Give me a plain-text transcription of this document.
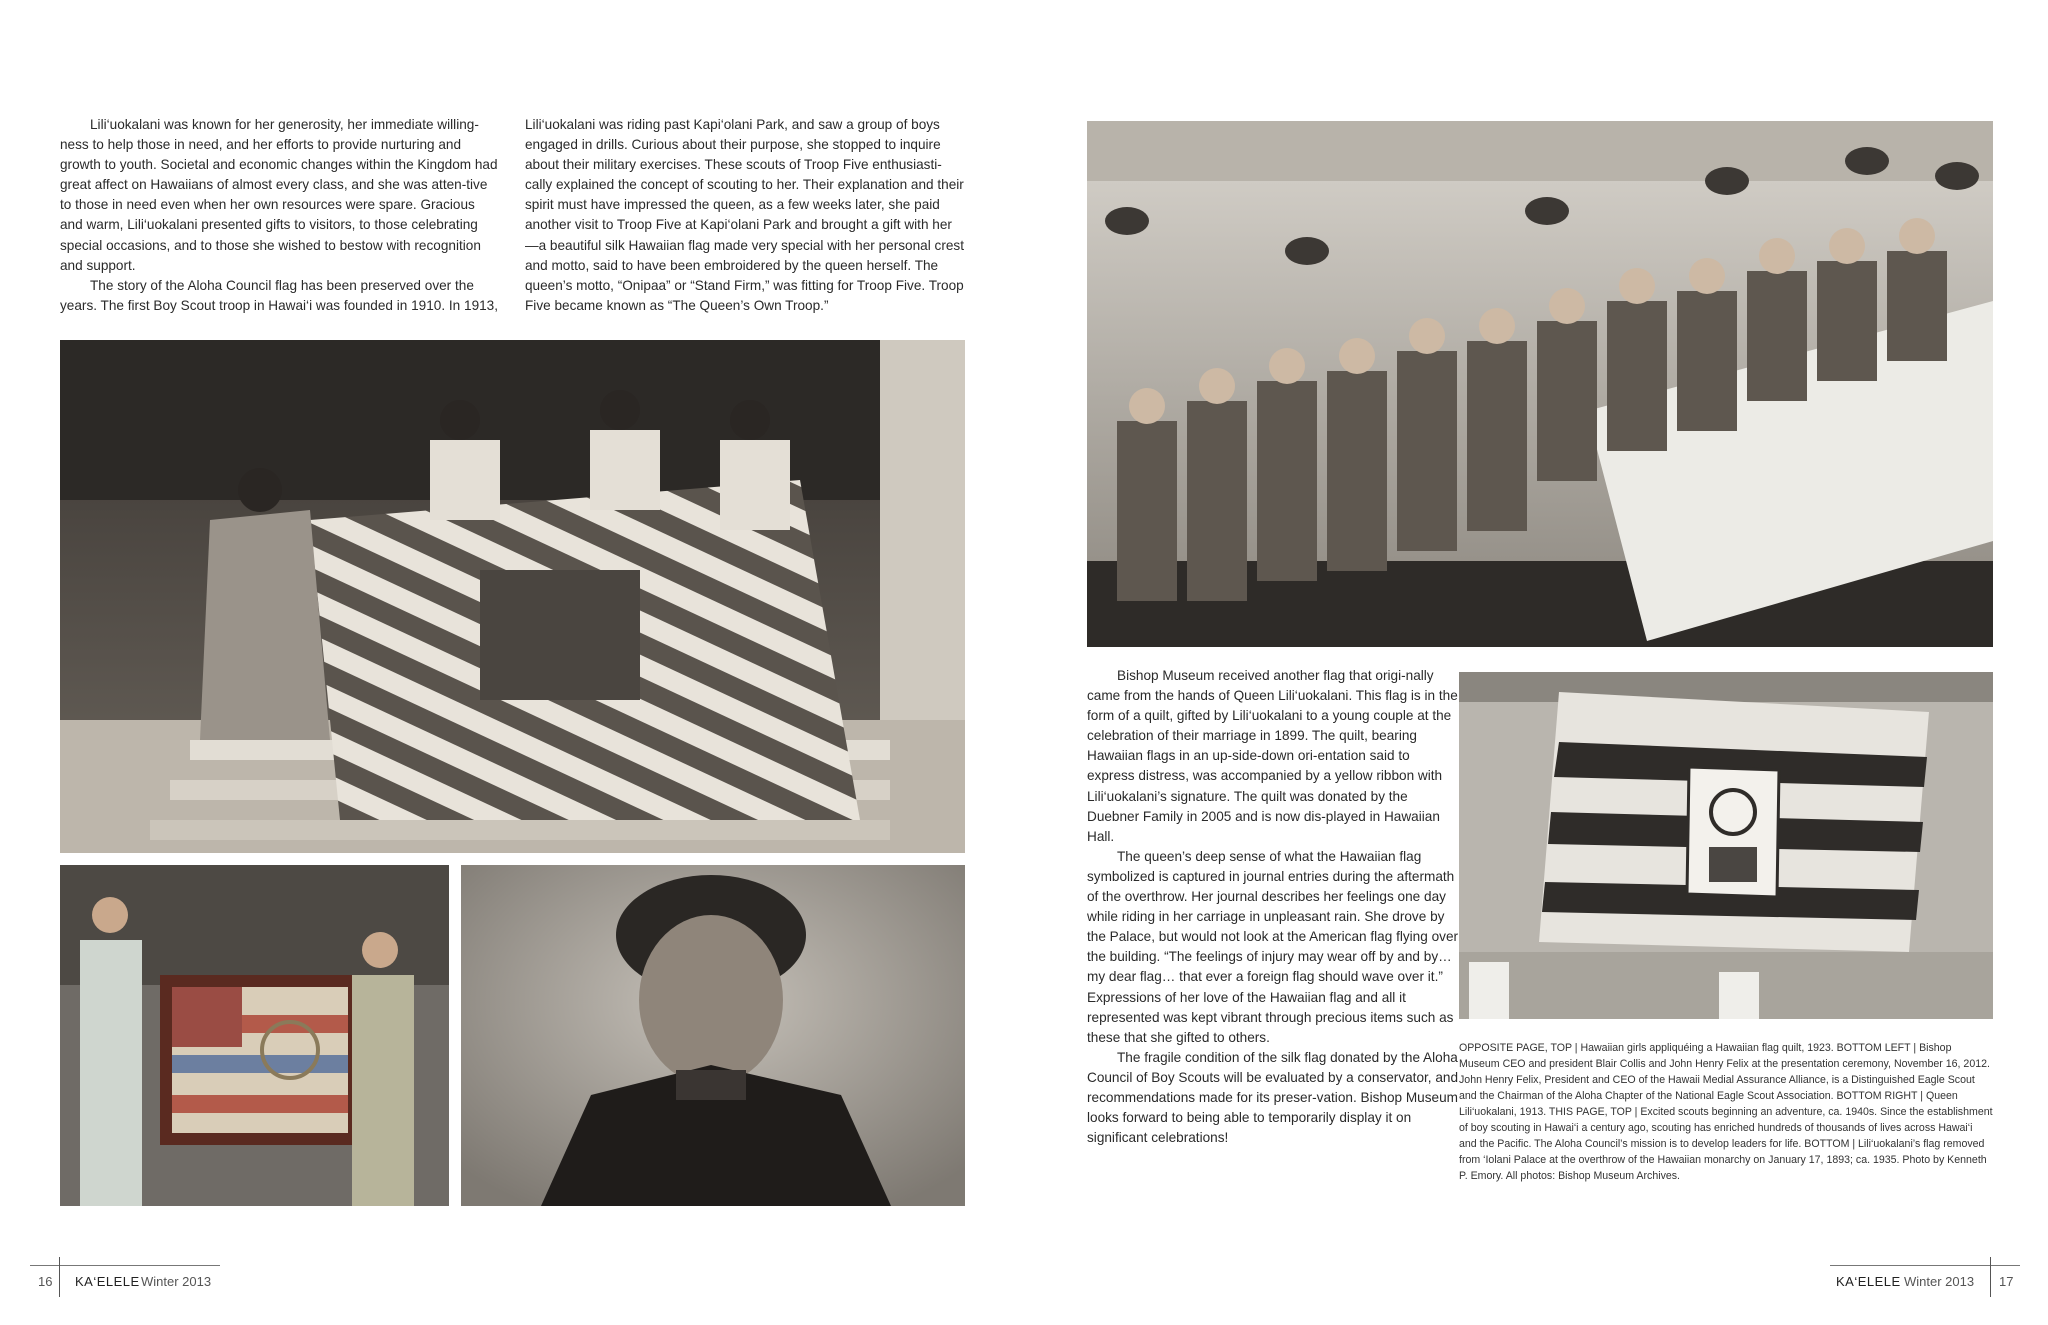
Lili‘uokalani was known for her generosity, her immediate willing-ness to help those in need, and her efforts to provide nurturing and growth to youth. Societal and economic changes within the Kingdom had great affect on Hawaiians of almost every class, and she was atten-tive to those in need even when her own resources were spare. Gracious and warm, Lili‘uokalani presented gifts to visitors, to those celebrating special occasions, and to those she wished to bestow with recognition and support.

The story of the Aloha Council flag has been preserved over the years. The first Boy Scout troop in Hawai‘i was founded in 1910. In 1913,

Lili‘uokalani was riding past Kapi‘olani Park, and saw a group of boys engaged in drills. Curious about their purpose, she stopped to inquire about their military exercises. These scouts of Troop Five enthusiasti-cally explained the concept of scouting to her. Their explanation and their spirit must have impressed the queen, as a few weeks later, she paid another visit to Troop Five at Kapi‘olani Park and brought a gift with her—a beautiful silk Hawaiian flag made very special with her personal crest and motto, said to have been embroidered by the queen herself. The queen’s motto, “Onipaa” or “Stand Firm,” was fitting for Troop Five. Troop Five became known as “The Queen’s Own Troop.”

16 KA‘ELELE Winter 2013

Bishop Museum received another flag that origi-nally came from the hands of Queen Lili‘uokalani. This flag is in the form of a quilt, gifted by Lili‘uokalani to a young couple at the celebration of their marriage in 1899. The quilt, bearing Hawaiian flags in an up-side-down ori-entation said to express distress, was accompanied by a yellow ribbon with Lili‘uokalani’s signature. The quilt was donated by the Duebner Family in 2005 and is now dis-played in Hawaiian Hall.

The queen’s deep sense of what the Hawaiian flag symbolized is captured in journal entries during the aftermath of the overthrow. Her journal describes her feelings one day while riding in her carriage in unpleasant rain. She drove by the Palace, but would not look at the American flag flying over the building. “The feelings of injury may wear off by and by… my dear flag… that ever a foreign flag should wave over it.” Expressions of her love of the Hawaiian flag and all it represented was kept vibrant through precious items such as these that she gifted to others.

The fragile condition of the silk flag donated by the Aloha Council of Boy Scouts will be evaluated by a conservator, and recommendations made for its preser-vation. Bishop Museum looks forward to being able to temporarily display it on significant celebrations!

OPPOSITE PAGE, TOP | Hawaiian girls appliquéing a Hawaiian flag quilt, 1923. BOTTOM LEFT | Bishop Museum CEO and president Blair Collis and John Henry Felix at the presentation ceremony, November 16, 2012. John Henry Felix, President and CEO of the Hawaii Medial Assurance Alliance, is a Distinguished Eagle Scout and the Chairman of the Aloha Chapter of the National Eagle Scout Association. BOTTOM RIGHT | Queen Lili‘uokalani, 1913. THIS PAGE, TOP | Excited scouts beginning an adventure, ca. 1940s. Since the establishment of boy scouting in Hawai‘i a century ago, scouting has enriched hundreds of thousands of lives across Hawai‘i and the Pacific. The Aloha Council’s mission is to develop leaders for life. BOTTOM | Lili‘uokalani’s flag removed from ‘Iolani Palace at the overthrow of the Hawaiian monarchy on January 17, 1893; ca. 1935. Photo by Kenneth P. Emory. All photos: Bishop Museum Archives.
KA‘ELELE Winter 2013 17
